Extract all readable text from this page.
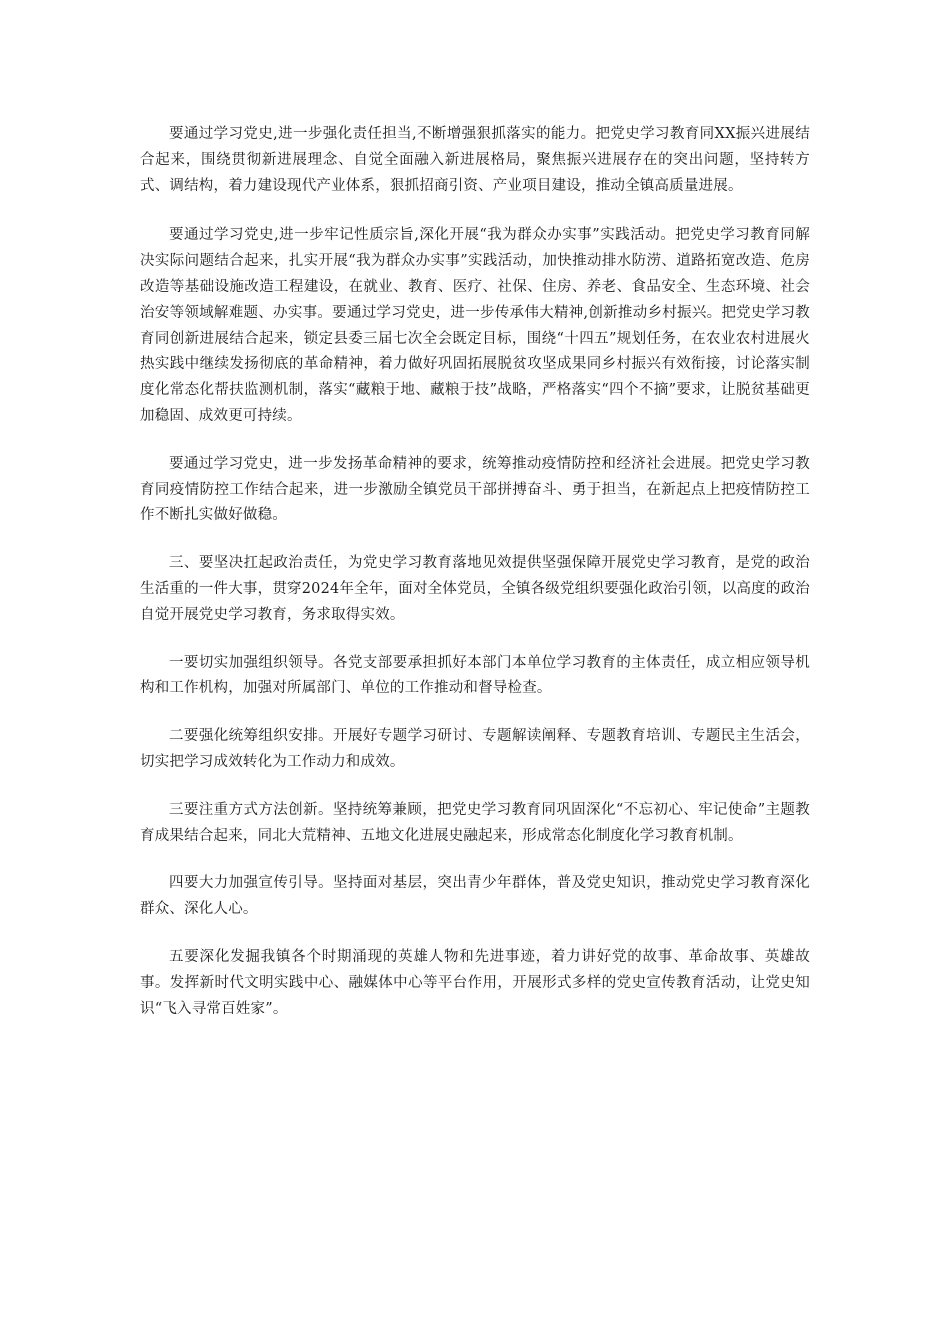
要通过学习党史,进一步强化责任担当,不断增强狠抓落实的能力。把党史学习教育同XX振兴进展结合起来，围绕贯彻新进展理念、自觉全面融入新进展格局，聚焦振兴进展存在的突出问题，坚持转方式、调结构，着力建设现代产业体系，狠抓招商引资、产业项目建设，推动全镇高质量进展。

要通过学习党史,进一步牢记性质宗旨,深化开展“我为群众办实事”实践活动。把党史学习教育同解决实际问题结合起来，扎实开展“我为群众办实事”实践活动，加快推动排水防涝、道路拓宽改造、危房改造等基础设施改造工程建设，在就业、教育、医疗、社保、住房、养老、食品安全、生态环境、社会治安等领域解难题、办实事。要通过学习党史，进一步传承伟大精神,创新推动乡村振兴。把党史学习教育同创新进展结合起来，锁定县委三届七次全会既定目标，围绕“十四五”规划任务，在农业农村进展火热实践中继续发扬彻底的革命精神，着力做好巩固拓展脱贫攻坚成果同乡村振兴有效衔接，讨论落实制度化常态化帮扶监测机制，落实“藏粮于地、藏粮于技”战略，严格落实“四个不摘”要求，让脱贫基础更加稳固、成效更可持续。

要通过学习党史，进一步发扬革命精神的要求，统筹推动疫情防控和经济社会进展。把党史学习教育同疫情防控工作结合起来，进一步激励全镇党员干部拼搏奋斗、勇于担当，在新起点上把疫情防控工作不断扎实做好做稳。

三、要坚决扛起政治责任，为党史学习教育落地见效提供坚强保障开展党史学习教育，是党的政治生活重的一件大事，贯穿2024年全年，面对全体党员，全镇各级党组织要强化政治引领，以高度的政治自觉开展党史学习教育，务求取得实效。

一要切实加强组织领导。各党支部要承担抓好本部门本单位学习教育的主体责任，成立相应领导机构和工作机构，加强对所属部门、单位的工作推动和督导检查。

二要强化统筹组织安排。开展好专题学习研讨、专题解读阐释、专题教育培训、专题民主生活会，切实把学习成效转化为工作动力和成效。

三要注重方式方法创新。坚持统筹兼顾，把党史学习教育同巩固深化“不忘初心、牢记使命”主题教育成果结合起来，同北大荒精神、五地文化进展史融起来，形成常态化制度化学习教育机制。

四要大力加强宣传引导。坚持面对基层，突出青少年群体，普及党史知识，推动党史学习教育深化群众、深化人心。

五要深化发掘我镇各个时期涌现的英雄人物和先进事迹，着力讲好党的故事、革命故事、英雄故事。发挥新时代文明实践中心、融媒体中心等平台作用，开展形式多样的党史宣传教育活动，让党史知识“飞入寻常百姓家”。
